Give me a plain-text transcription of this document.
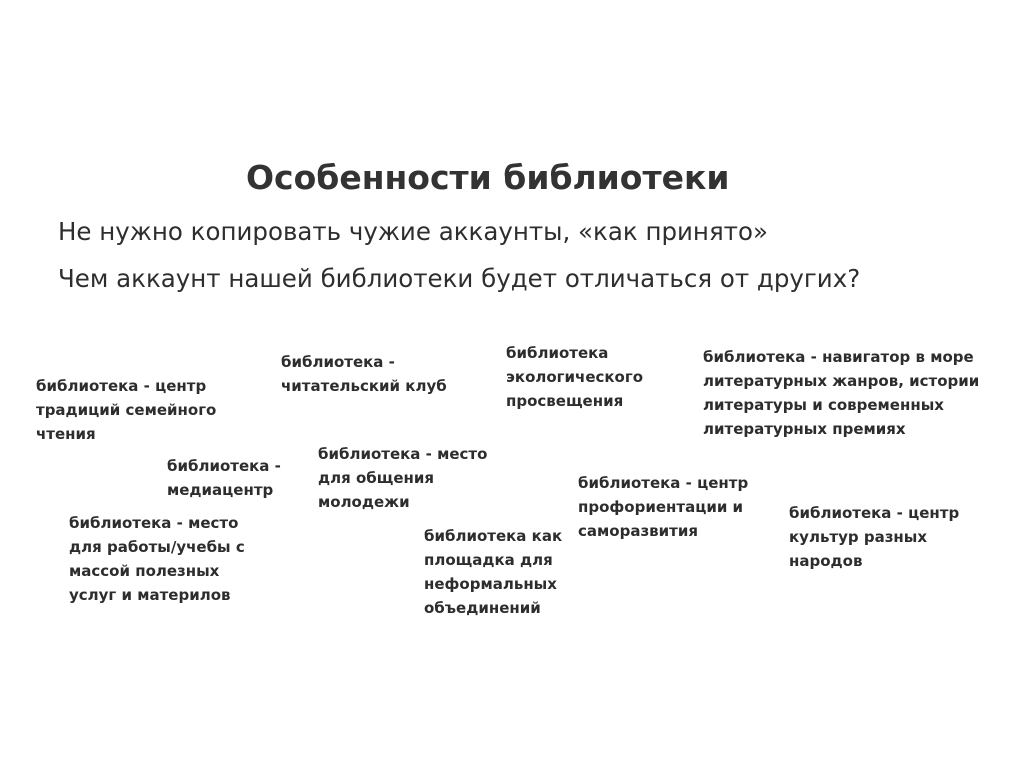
Особенности библиотеки
Не нужно копировать чужие аккаунты, «как принято»
Чем аккаунт нашей библиотеки будет отличаться от других?
библиотека - центр
традиций семейного
чтения
библиотека -
читательский клуб
библиотека
экологического
просвещения
библиотека - навигатор в море
литературных жанров, истории
литературы и современных
литературных премиях
библиотека -
медиацентр
библиотека - место
для общения
молодежи
библиотека - центр
профориентации и
саморазвития
библиотека - центр
культур разных
народов
библиотека - место
для работы/учебы с
массой полезных
услуг и материлов
библиотека как
площадка для
неформальных
объединений
